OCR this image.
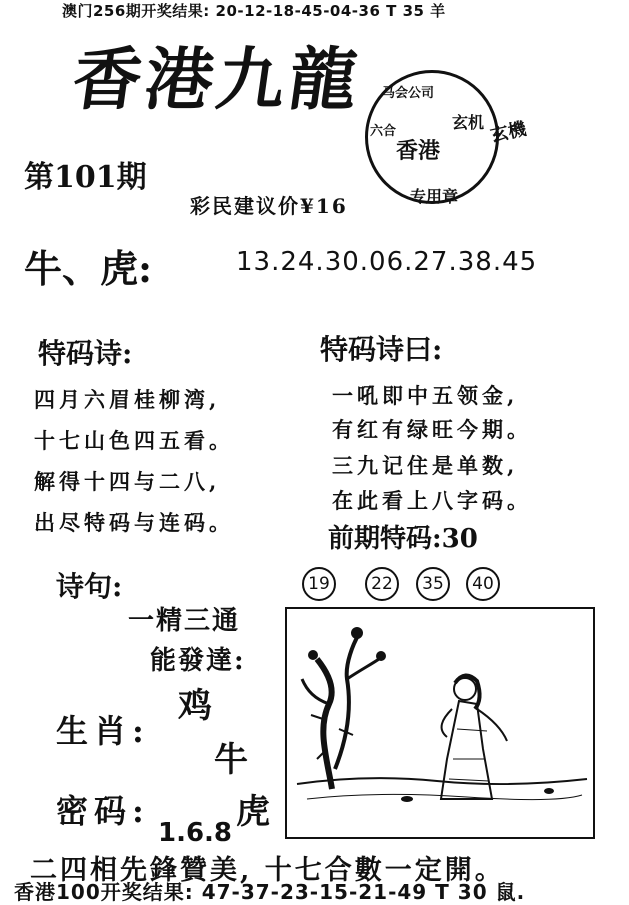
澳门256期开奖结果: 20-12-18-45-04-36 T 35 羊
香港九龍 马会公司
六合
香港
玄机 玄機
专用章
第101期
彩民建议价¥16
牛、虎:	13.24.30.06.27.38.45
特码诗:
四月六眉桂柳湾,
十七山色四五看。
解得十四与二八,
出尽特码与连码。
特码诗曰:
一吼即中五领金,
有红有绿旺今期。
三九记住是单数,
在此看上八字码。
前期特码:30
19	22	35	40
诗句:
一精三通
能發達:
鸡
生肖:
牛
密码:	虎
1.6.8
二四相先鋒贊美, 十七合數一定開。
香港100开奖结果: 47-37-23-15-21-49 T 30 鼠.
